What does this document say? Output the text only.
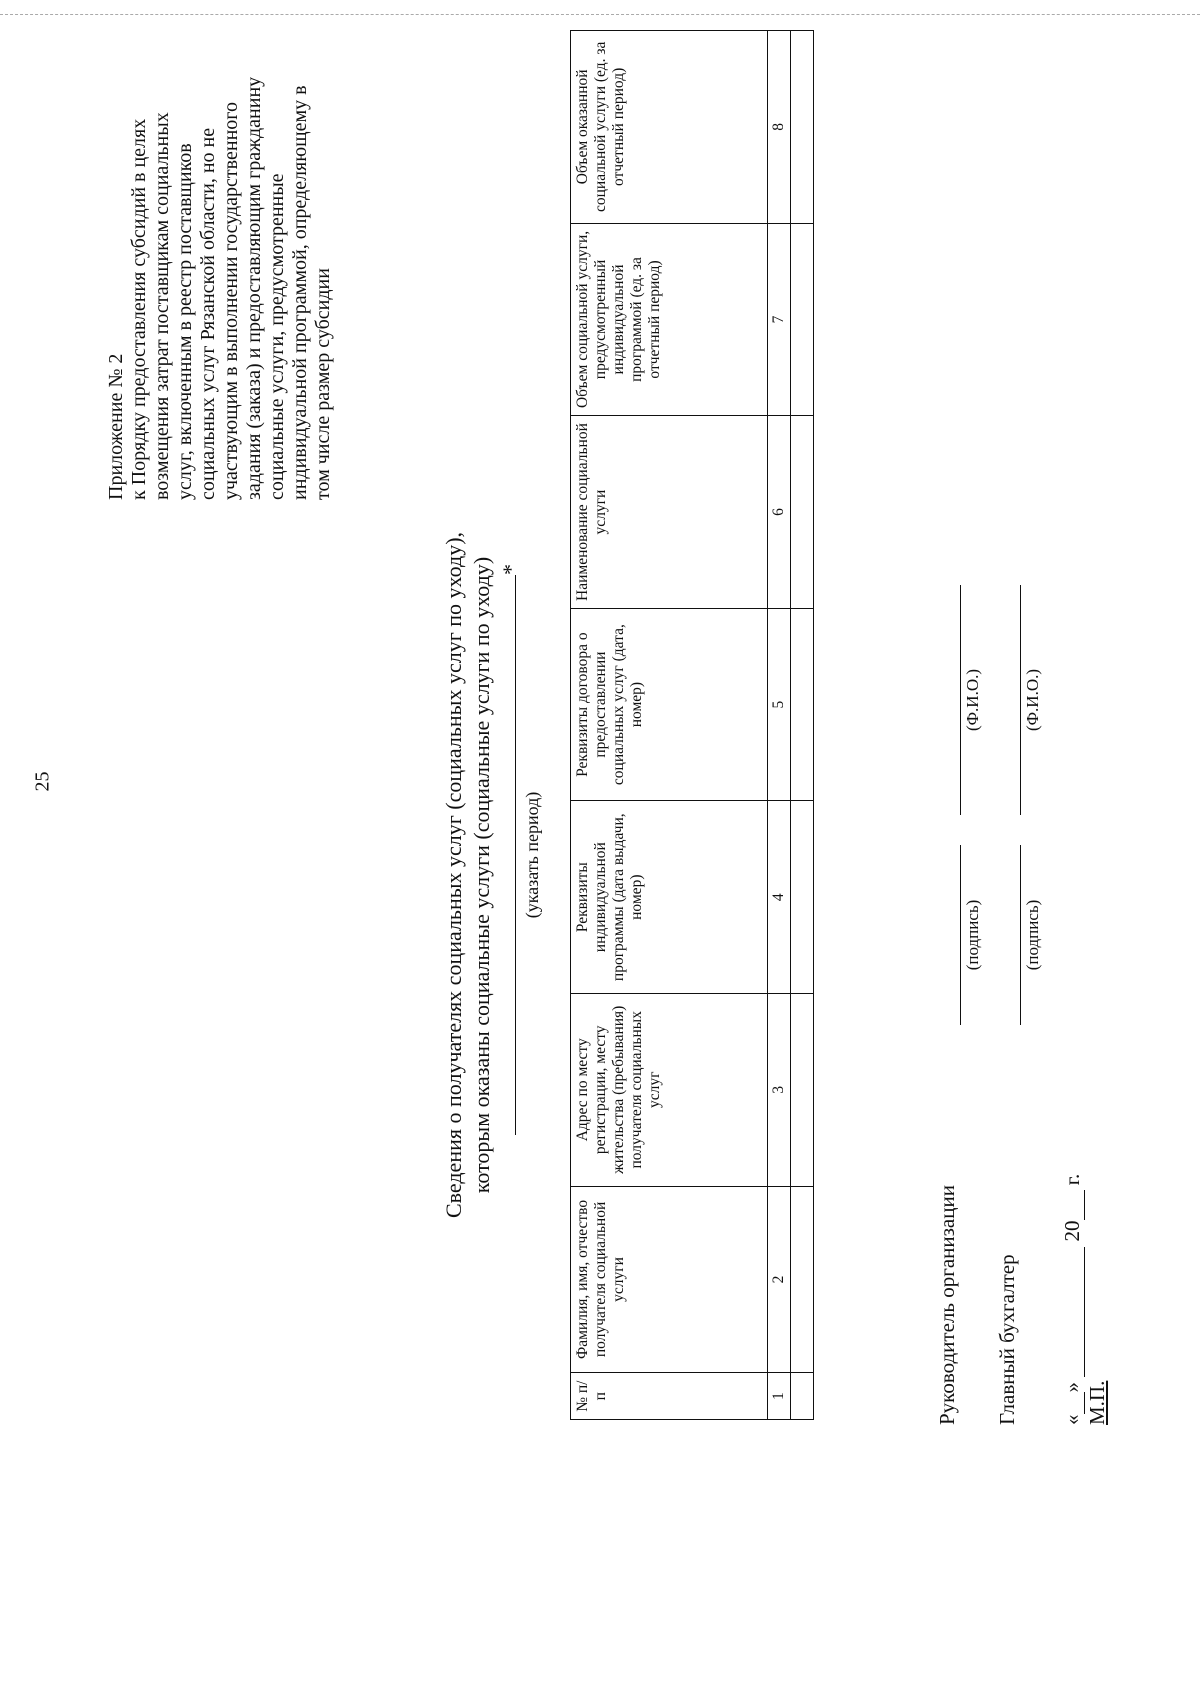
25
Приложение № 2 к Порядку предоставления субсидий в целях возмещения затрат поставщикам социальных услуг, включенным в реестр поставщиков социальных услуг Рязанской области, но не участвующим в выполнении государственного задания (заказа) и предоставляющим гражданину социальные услуги, предусмотренные индивидуальной программой, определяющему в том числе размер субсидии
Сведения о получателях социальных услуг (социальных услуг по уходу), которым оказаны социальные услуги (социальные услуги по уходу) *
(указать период)
№ п/п	Фамилия, имя, отчество получателя социальной услуги	Адрес по месту регистрации, месту жительства (пребывания) получателя социальных услуг	Реквизиты индивидуальной программы (дата выдачи, номер)	Реквизиты договора о предоставлении социальных услуг (дата, номер)	Наименование социальной услуги	Объем социальной услуги, предусмотренный индивидуальной программой (ед. за отчетный период)	Объем оказанной социальной услуги (ед. за отчетный период)
1	2	3	4	5	6	7	8

Руководитель организации
(подпись)
(Ф.И.О.)
Главный бухгалтер
(подпись)
(Ф.И.О.)
«»  20 г.
М.П.
